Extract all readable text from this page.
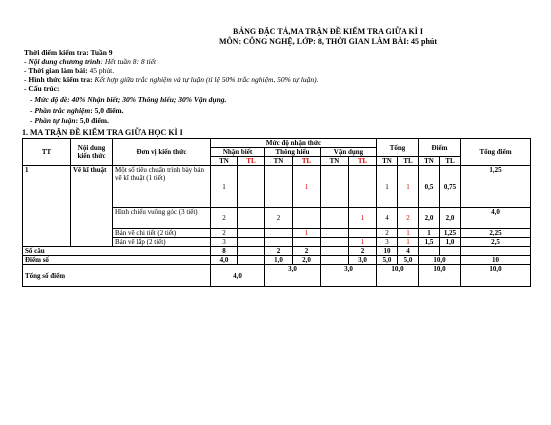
BẢNG ĐẶC TẢ,MA TRẬN ĐỀ KIỂM TRA GIỮA KÌ I
MÔN: CÔNG NGHỆ, LỚP: 8, THỜI GIAN LÀM BÀI: 45 phút
Thời điểm kiểm tra: Tuần 9
- Nội dung chương trình: Hết tuần 8: 8 tiết
- Thời gian làm bài: 45 phút.
- Hình thức kiểm tra: Kết hợp giữa trắc nghiệm và tự luận (tỉ lệ 50% trắc nghiệm, 50% tự luận).
- Cấu trúc:
- Mức độ đề: 40% Nhận biết; 30% Thông hiểu; 30% Vận dụng.
- Phần trắc nghiệm: 5,0 điểm.
- Phần tự luận: 5,0 điểm.
1. MA TRẬN ĐỀ KIỂM TRA GIỮA HỌC KÌ I
TT	Nội dung kiến thức	Đơn vị kiến thức	Mức độ nhận thức						Tổng		Điểm		Tổng điểm
			Nhận biết		Thông hiểu		Vận dụng						
			TN	TL	TN	TL	TN	TL	TN	TL	TN	TL	
1	Vẽ kĩ thuật	Một số tiêu chuẩn trình bày bản vẽ kĩ thuật (1 tiết)	1			1			1	1	0,5	0,75	1,25
		Hình chiếu vuông góc (3 tiết)	2		2			1	4	2	2,0	2,0	4,0
		Bản vẽ chi tiết (2 tiết)	2			1			2	1	1	1,25	2,25
		Bản vẽ lắp (2 tiết)	3					1	3	1	1,5	1,0	2,5
Số câu			8		2	2		2	10	4			
Điểm số			4,0		1,0	2,0		3,0	5,0	5,0	10,0		10
Tổng số điểm			4,0		3,0		3,0		10,0		10,0		10,0
